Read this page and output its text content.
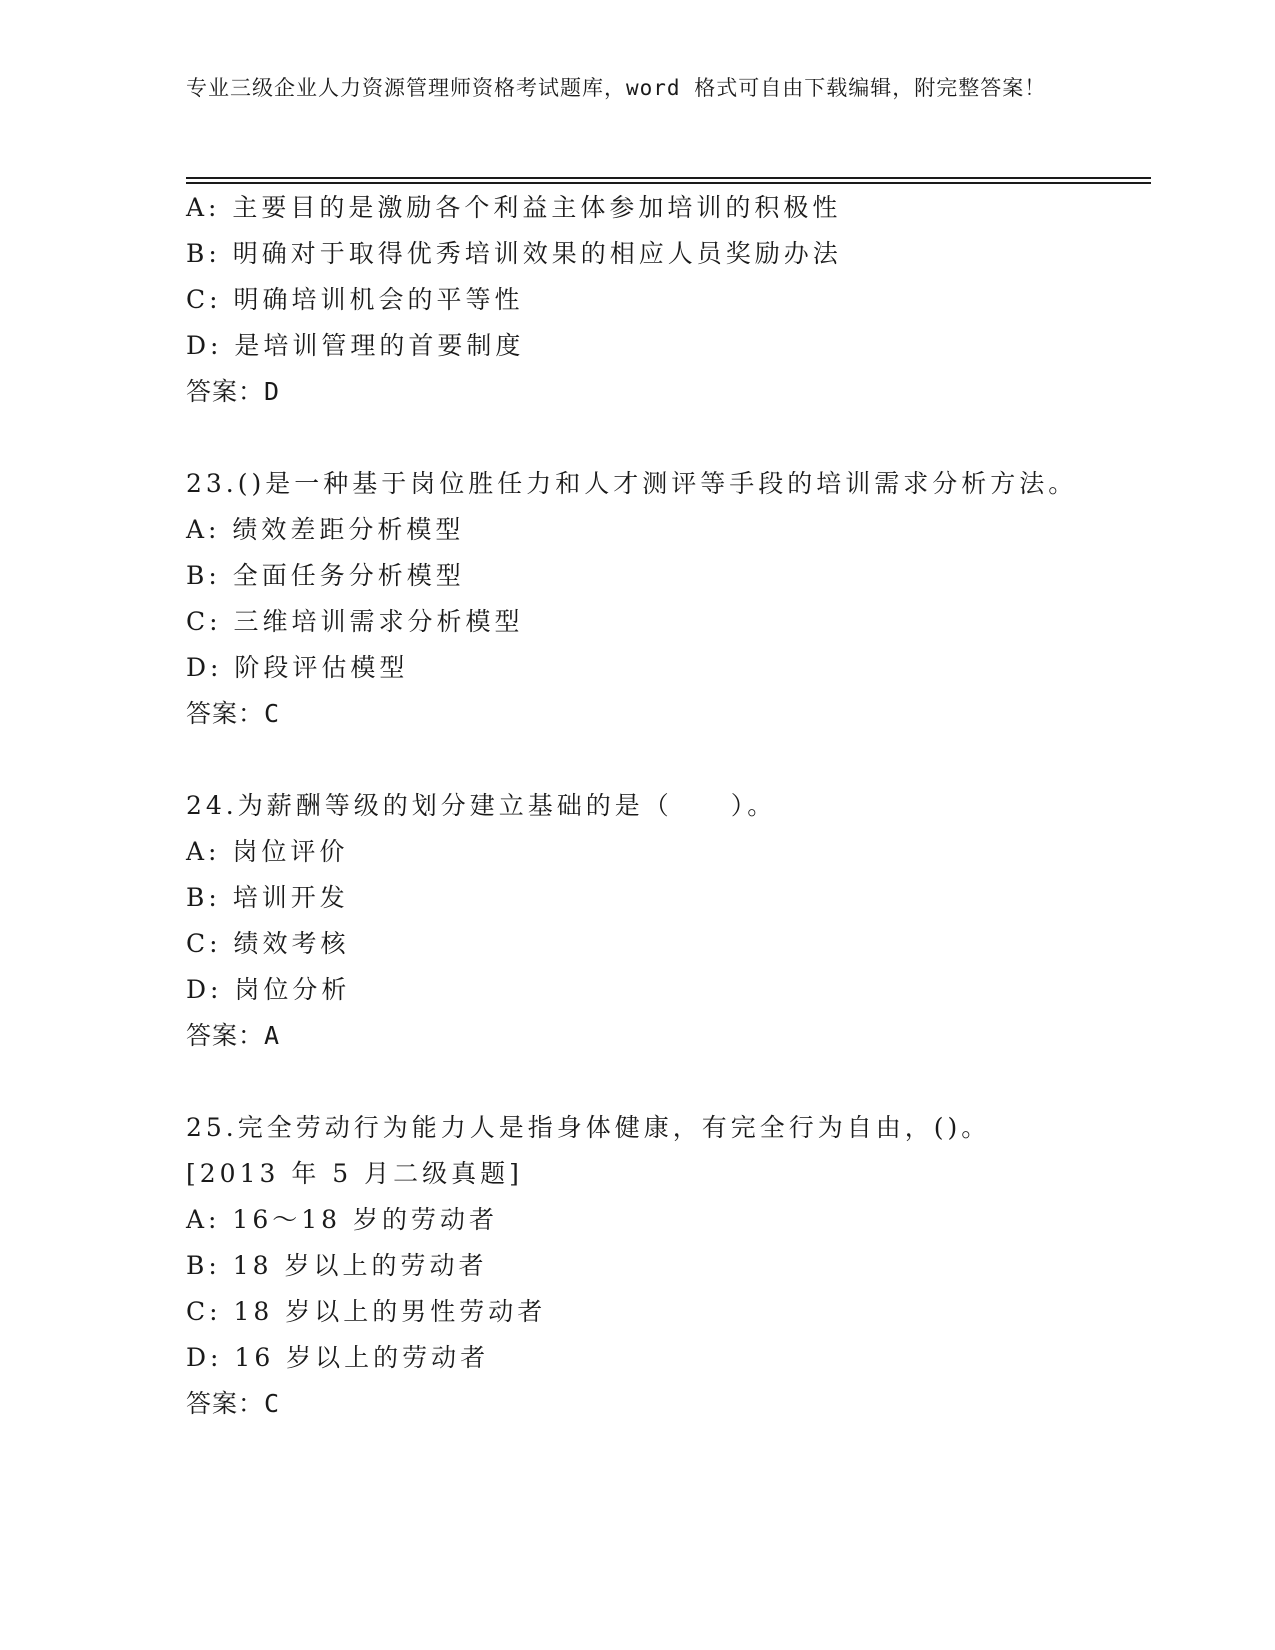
专业三级企业人力资源管理师资格考试题库，word 格式可自由下载编辑，附完整答案！
A: 主要目的是激励各个利益主体参加培训的积极性
B: 明确对于取得优秀培训效果的相应人员奖励办法
C: 明确培训机会的平等性
D: 是培训管理的首要制度
答案：D
23.()是一种基于岗位胜任力和人才测评等手段的培训需求分析方法。
A: 绩效差距分析模型
B: 全面任务分析模型
C: 三维培训需求分析模型
D: 阶段评估模型
答案：C
24.为薪酬等级的划分建立基础的是（　　）。
A: 岗位评价
B: 培训开发
C: 绩效考核
D: 岗位分析
答案：A
25.完全劳动行为能力人是指身体健康，有完全行为自由，()。[2013 年 5 月二级真题]
A: 16～18 岁的劳动者
B: 18 岁以上的劳动者
C: 18 岁以上的男性劳动者
D: 16 岁以上的劳动者
答案：C
